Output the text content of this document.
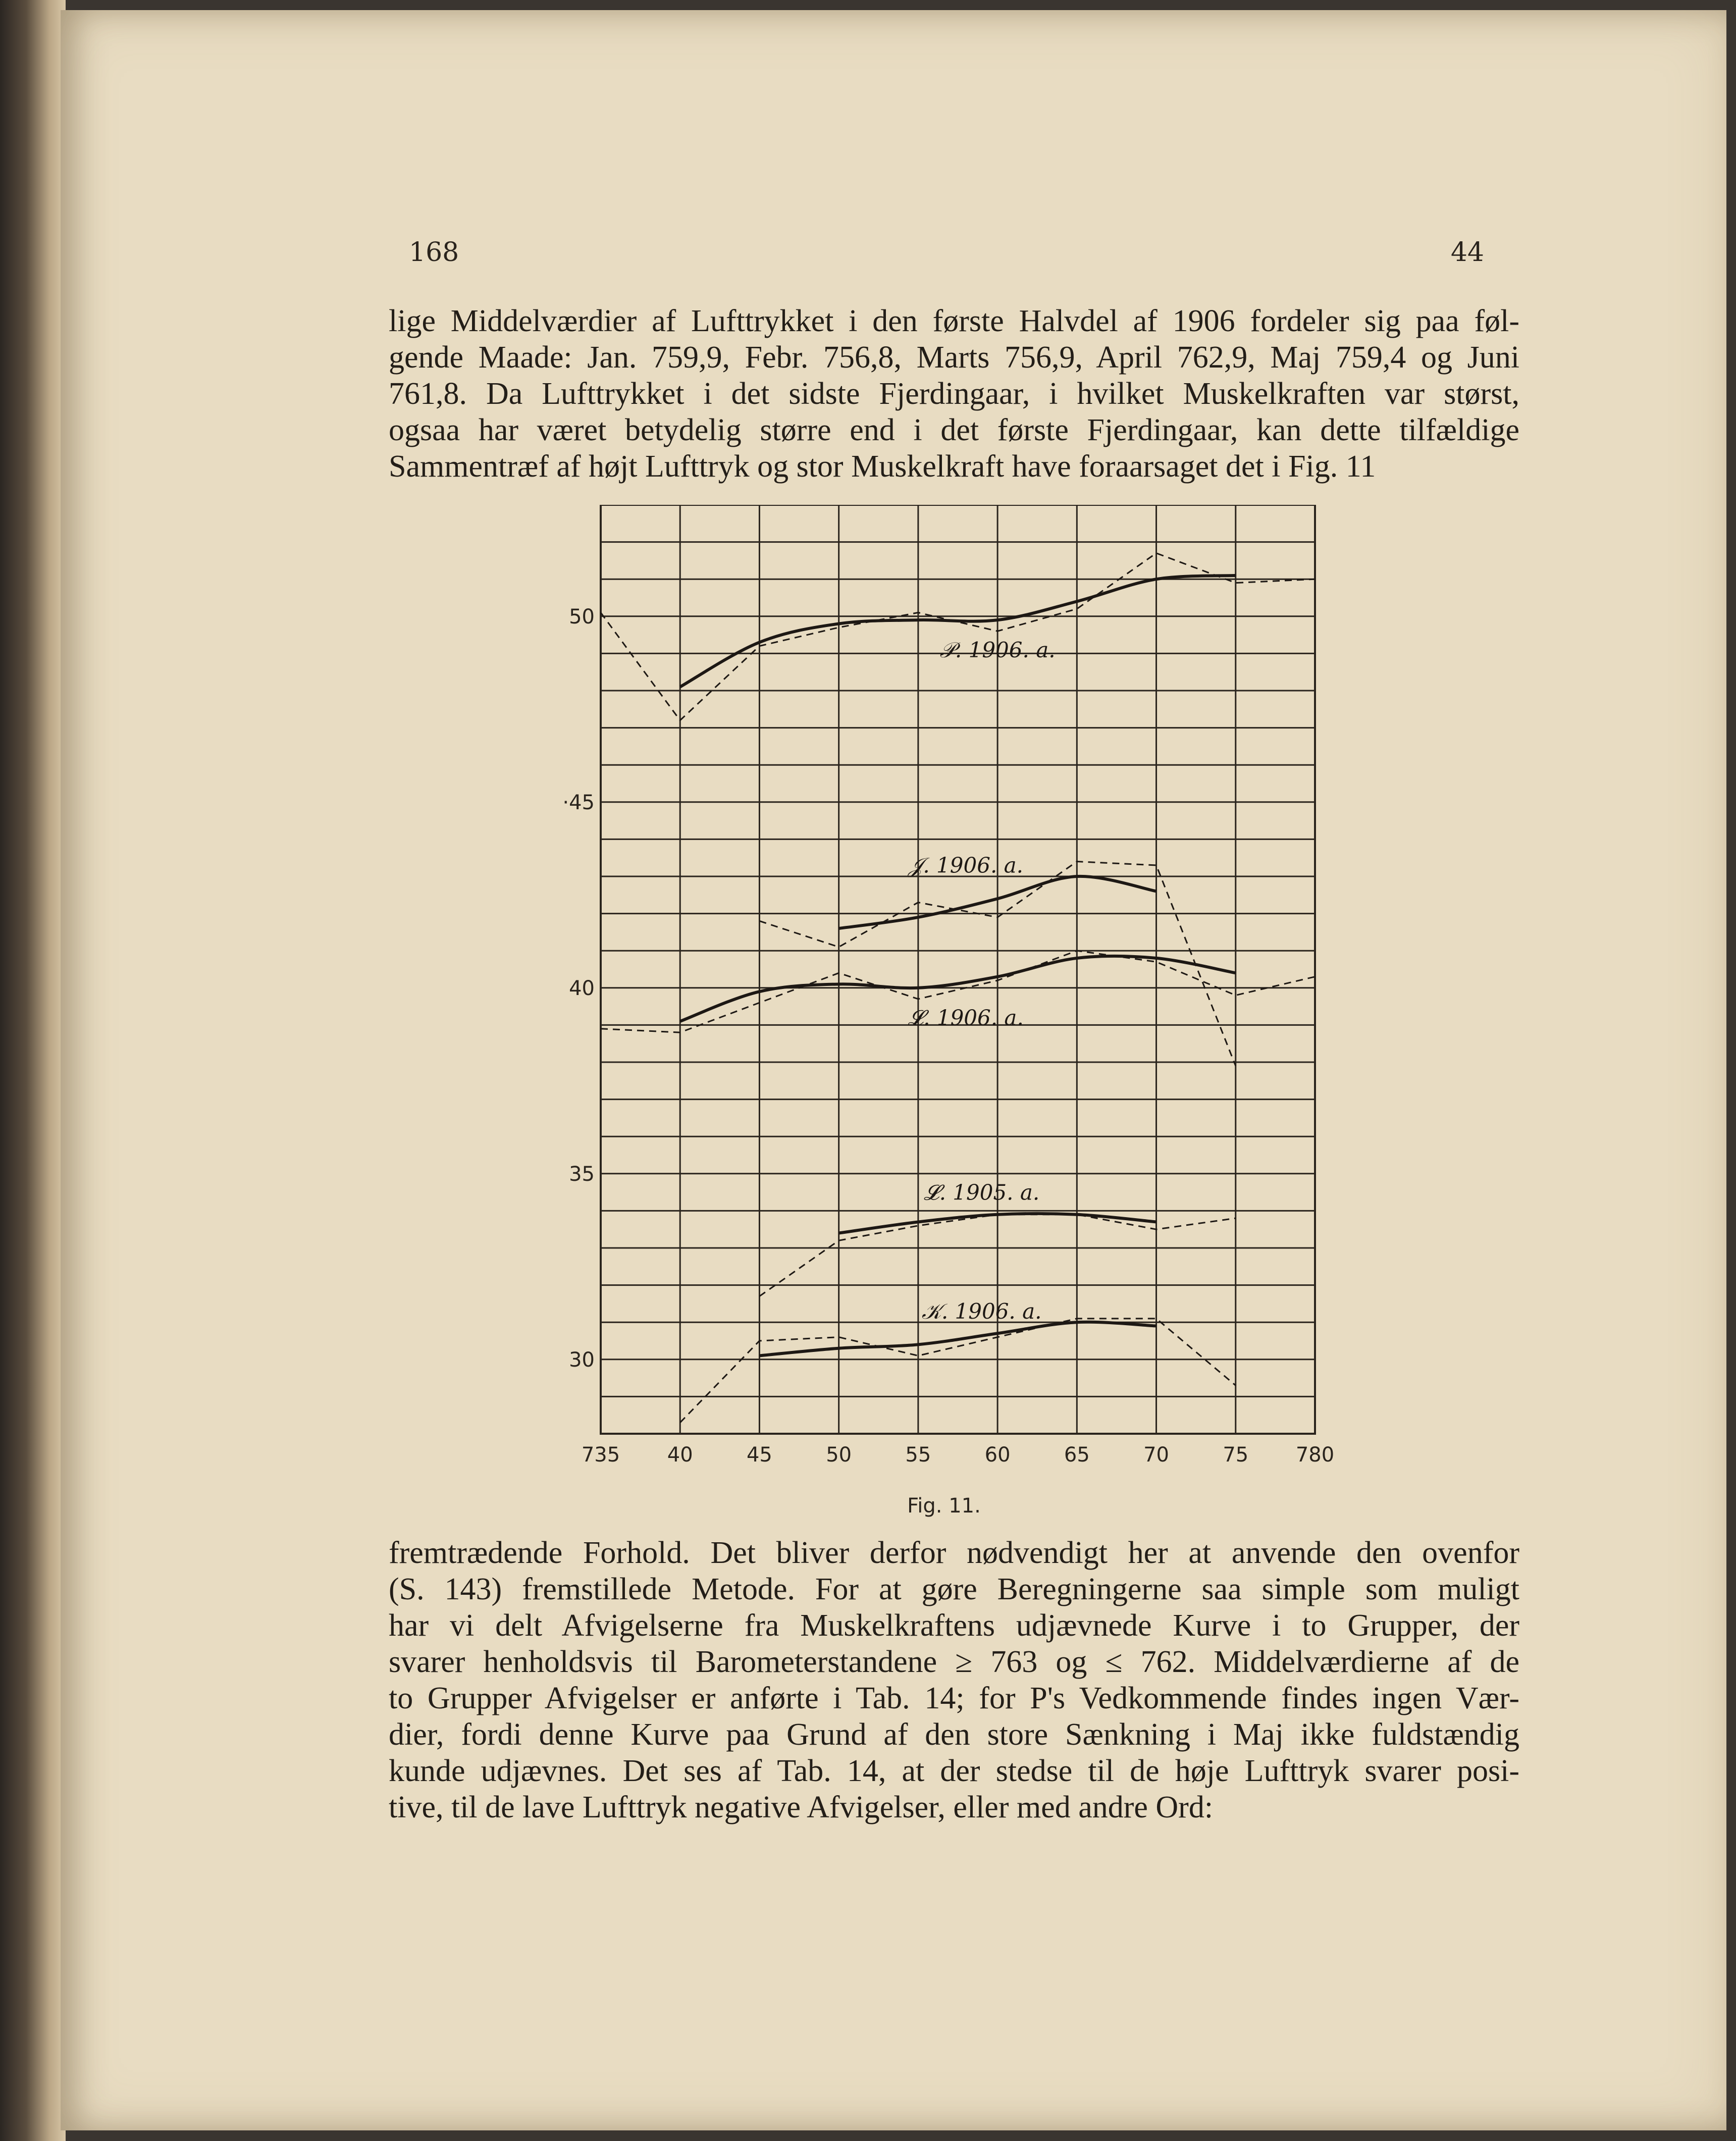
168	44
lige Middelværdier af Lufttrykket i den første Halvdel af 1906 fordeler sig paa føl-
gende Maade: Jan. 759,9, Febr. 756,8, Marts 756,9, April 762,9, Maj 759,4 og Juni
761,8. Da Lufttrykket i det sidste Fjerdingaar, i hvilket Muskelkraften var størst,
ogsaa har været betydelig større end i det første Fjerdingaar, kan dette tilfældige
Sammentræf af højt Lufttryk og stor Muskelkraft have foraarsaget det i Fig. 11
735 40	45	50	55	60	65	70	75 780
30
35
40
·45
50
𝒫. 1906. a.
𝒥. 1906. a.
𝓛. 1906. a.
𝓛. 1905. a.
𝒦. 1906. a.
Fig. 11.
fremtrædende Forhold. Det bliver derfor nødvendigt her at anvende den ovenfor
(S. 143) fremstillede Metode. For at gøre Beregningerne saa simple som muligt
har vi delt Afvigelserne fra Muskelkraftens udjævnede Kurve i to Grupper, der
svarer henholdsvis til Barometerstandene ≥ 763 og ≤ 762. Middelværdierne af de
to Grupper Afvigelser er anførte i Tab. 14; for P's Vedkommende findes ingen Vær-
dier, fordi denne Kurve paa Grund af den store Sænkning i Maj ikke fuldstændig
kunde udjævnes. Det ses af Tab. 14, at der stedse til de høje Lufttryk svarer posi-
tive, til de lave Lufttryk negative Afvigelser, eller med andre Ord:
